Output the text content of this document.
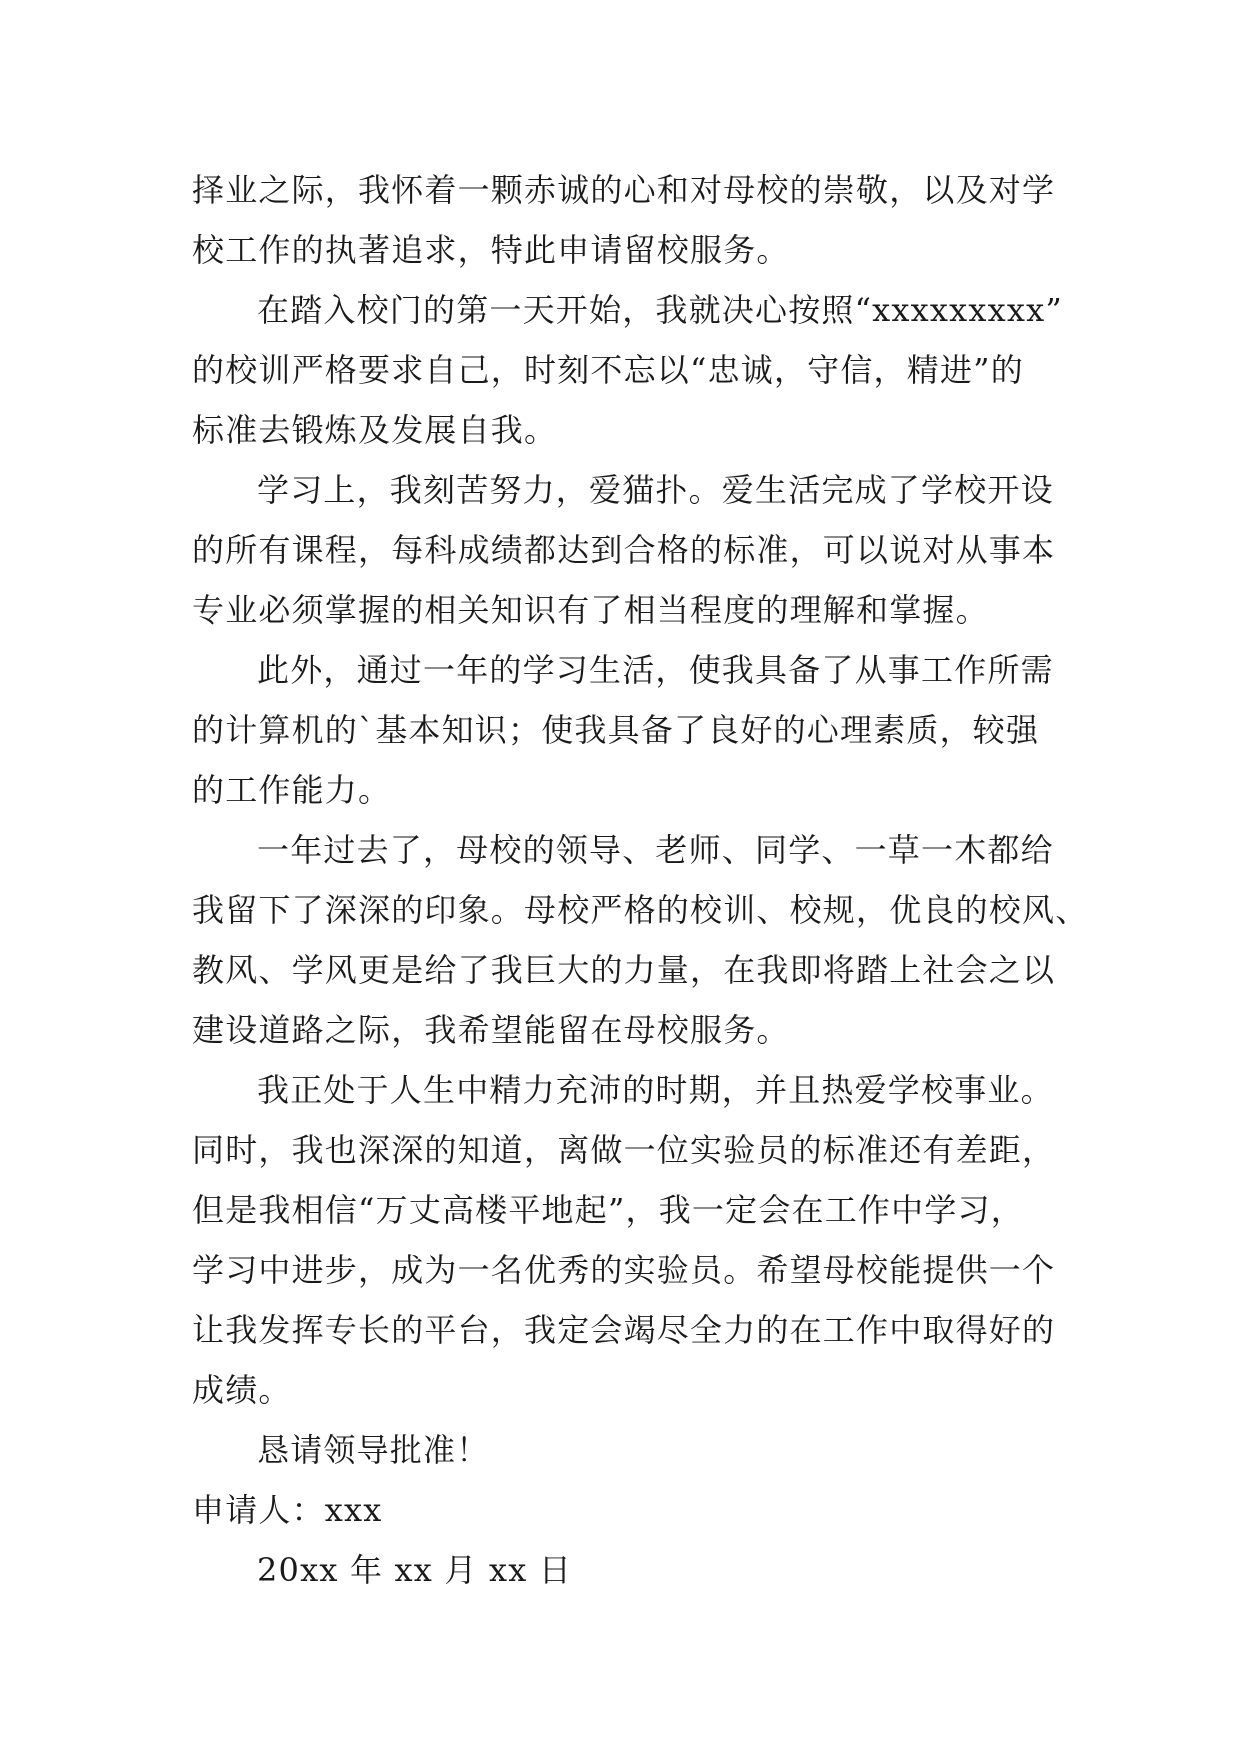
择业之际，我怀着一颗赤诚的心和对母校的崇敬，以及对学
校工作的执著追求，特此申请留校服务。
在踏入校门的第一天开始，我就决心按照“xxxxxxxxx”
的校训严格要求自己，时刻不忘以“忠诚，守信，精进”的
标准去锻炼及发展自我。
学习上，我刻苦努力，爱猫扑。爱生活完成了学校开设
的所有课程，每科成绩都达到合格的标准，可以说对从事本
专业必须掌握的相关知识有了相当程度的理解和掌握。
此外，通过一年的学习生活，使我具备了从事工作所需
的计算机的`基本知识；使我具备了良好的心理素质，较强
的工作能力。
一年过去了，母校的领导、老师、同学、一草一木都给
我留下了深深的印象。母校严格的校训、校规，优良的校风、
教风、学风更是给了我巨大的力量，在我即将踏上社会之以
建设道路之际，我希望能留在母校服务。
我正处于人生中精力充沛的时期，并且热爱学校事业。
同时，我也深深的知道，离做一位实验员的标准还有差距，
但是我相信“万丈高楼平地起”，我一定会在工作中学习，
学习中进步，成为一名优秀的实验员。希望母校能提供一个
让我发挥专长的平台，我定会竭尽全力的在工作中取得好的
成绩。
恳请领导批准！
申请人：xxx
20xx 年 xx 月 xx 日
